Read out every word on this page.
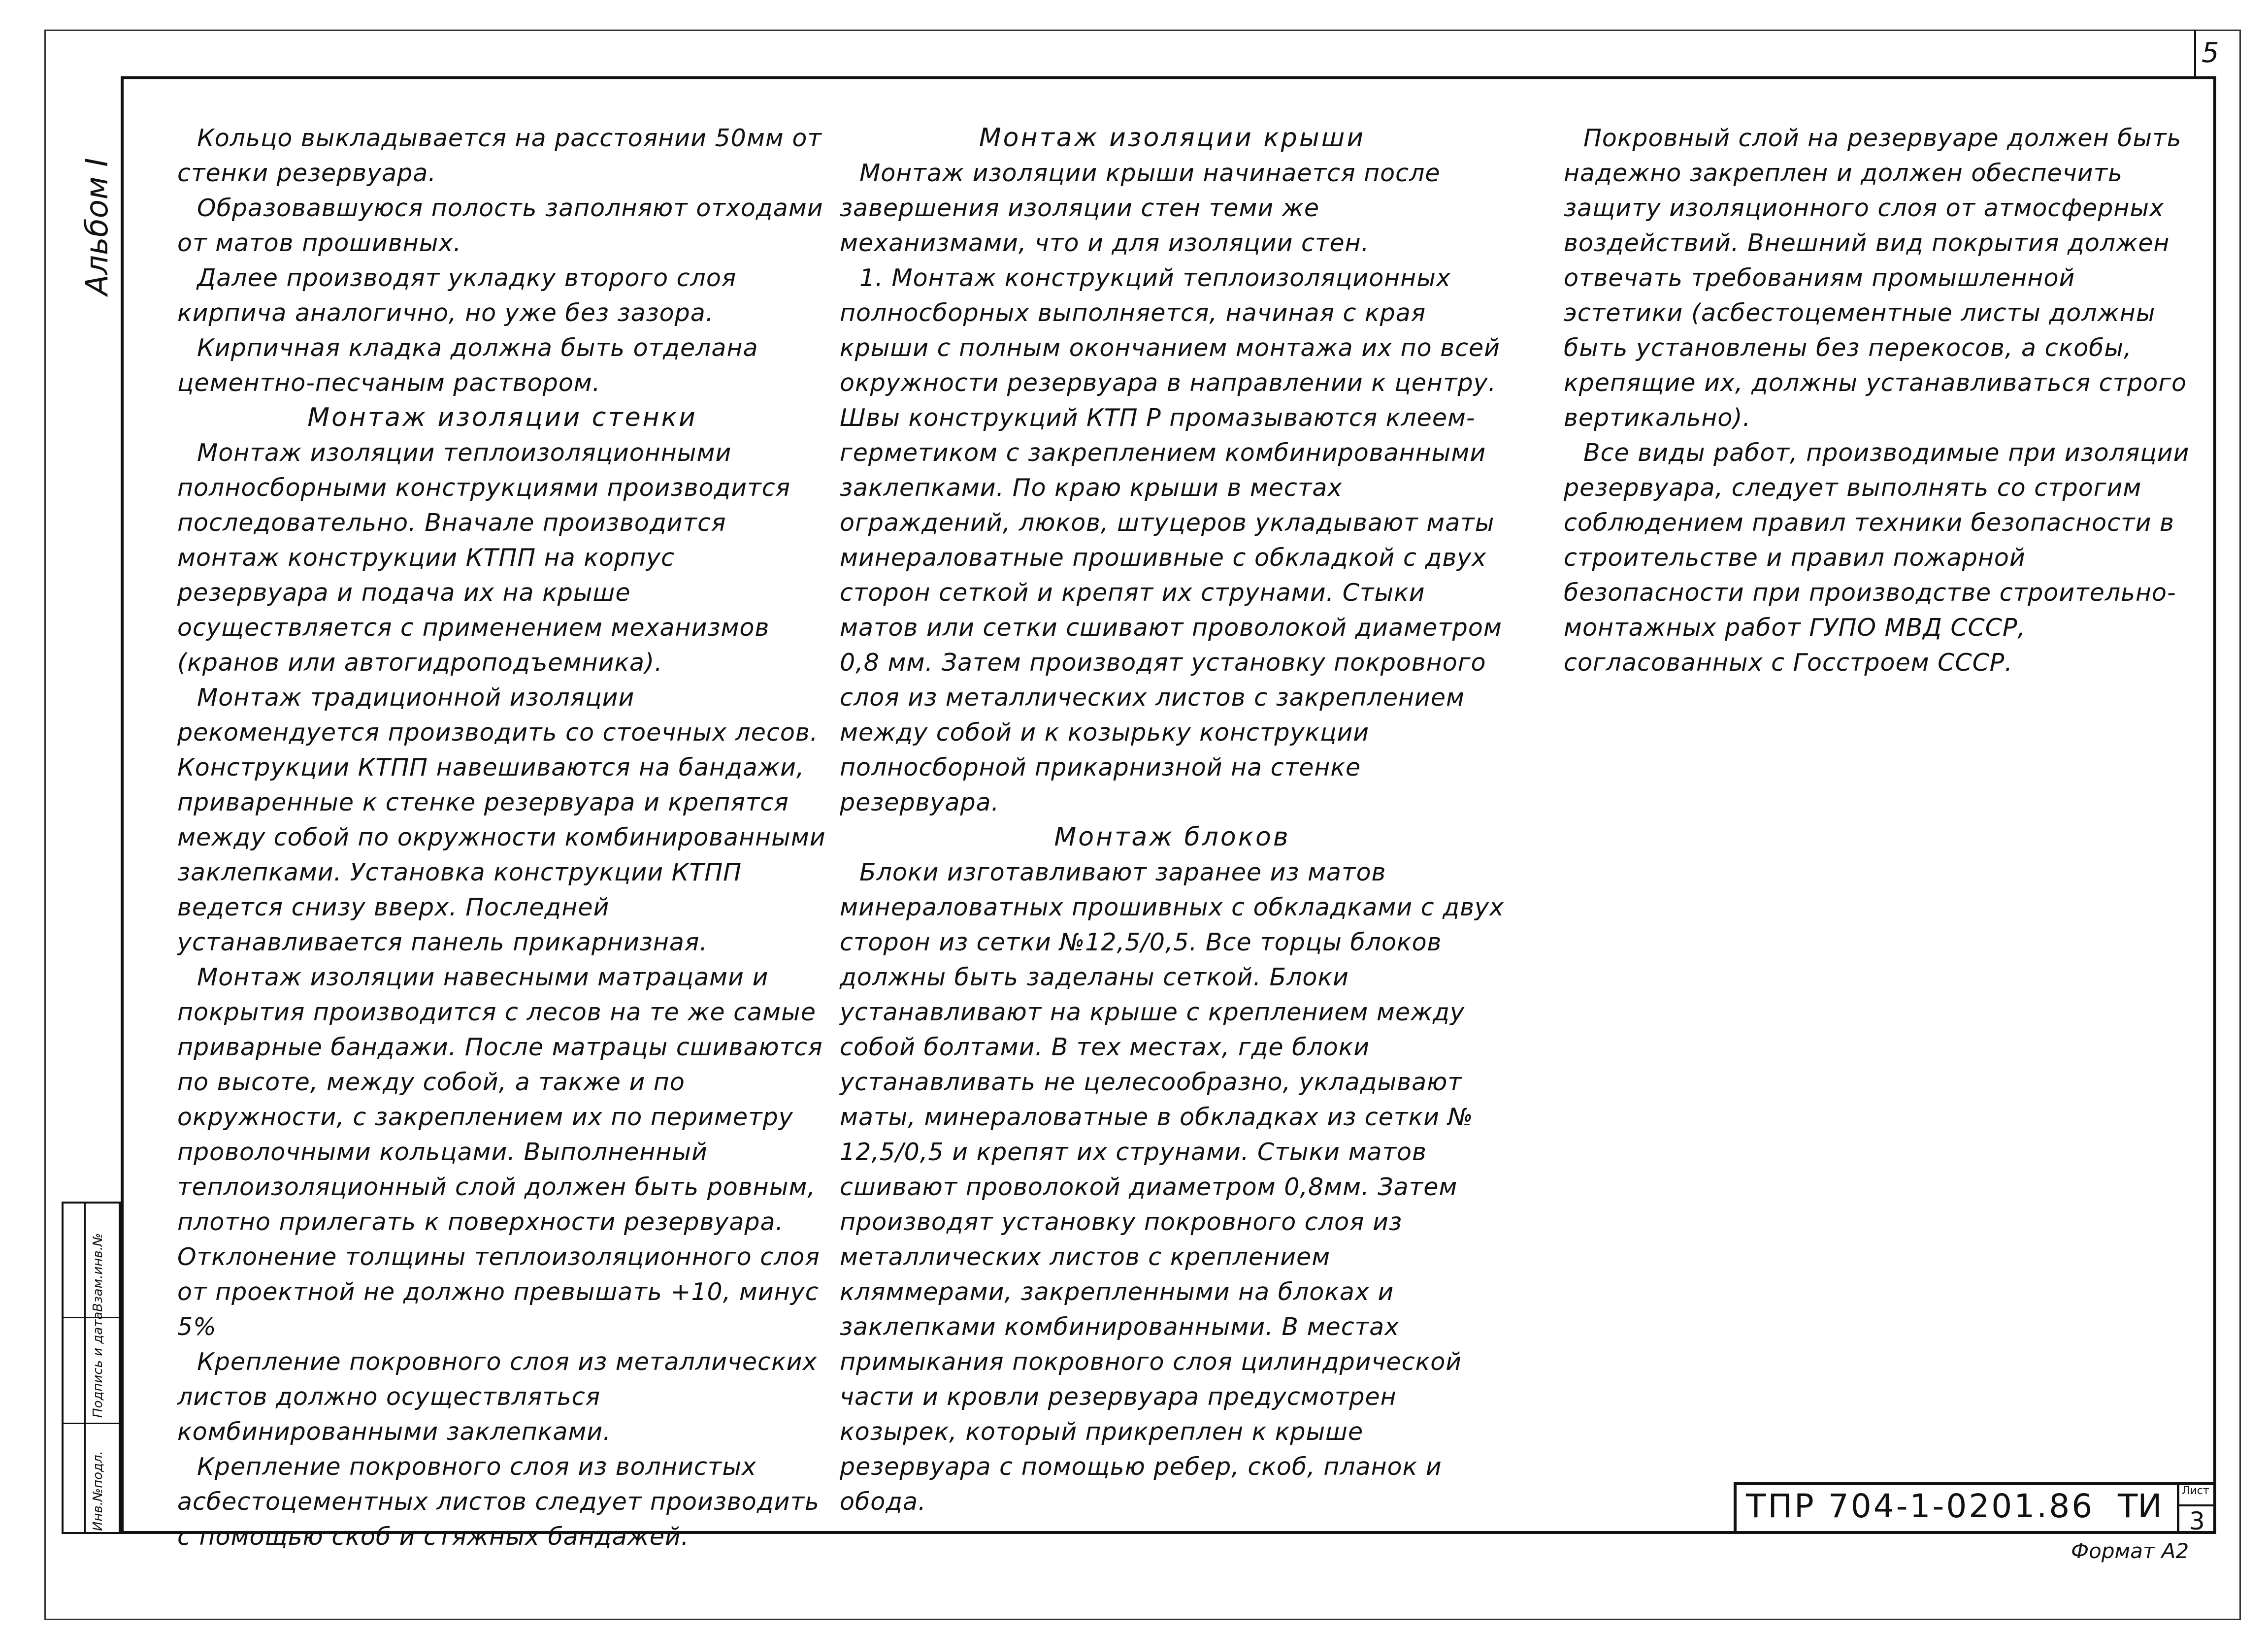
5
Альбом I
Взам.инв.№
Подпись и дата
Инв.№подл.

Кольцо выкладывается на расстоянии 50мм от стенки резервуара.

Образовавшуюся полость заполняют отходами от матов прошивных.

Далее производят укладку второго слоя кирпича аналогично, но уже без зазора.

Кирпичная кладка должна быть отделана цементно-песчаным раствором.

Монтаж изоляции стенки

Монтаж изоляции теплоизоляционными полносборными конструкциями производится последовательно. Вначале производится монтаж конструкции КТПП на корпус резервуара и подача их на крыше осуществляется с применением механизмов (кранов или автогидроподъемника).

Монтаж традиционной изоляции рекомендуется производить со стоечных лесов. Конструкции КТПП навешиваются на бандажи, приваренные к стенке резервуара и крепятся между собой по окружности комбинированными заклепками. Установка конструкции КТПП ведется снизу вверх. Последней устанавливается панель прикарнизная.

Монтаж изоляции навесными матрацами и покрытия производится с лесов на те же самые приварные бандажи. После матрацы сшиваются по высоте, между собой, а также и по окружности, с закреплением их по периметру проволочными кольцами. Выполненный теплоизоляционный слой должен быть ровным, плотно прилегать к поверхности резервуара. Отклонение толщины теплоизоляционного слоя от проектной не должно превышать +10, минус 5%

Крепление покровного слоя из металлических листов должно осуществляться комбинированными заклепками.

Крепление покровного слоя из волнистых асбестоцементных листов следует производить с помощью скоб и стяжных бандажей.

Монтаж изоляции крыши

Монтаж изоляции крыши начинается после завершения изоляции стен теми же механизмами, что и для изоляции стен.

1. Монтаж конструкций теплоизоляционных полносборных выполняется, начиная с края крыши с полным окончанием монтажа их по всей окружности резервуара в направлении к центру. Швы конструкций КТП Р промазываются клеем-герметиком с закреплением комбинированными заклепками. По краю крыши в местах ограждений, люков, штуцеров укладывают маты минераловатные прошивные с обкладкой с двух сторон сеткой и крепят их струнами. Стыки матов или сетки сшивают проволокой диаметром 0,8 мм. Затем производят установку покровного слоя из металлических листов с закреплением между собой и к козырьку конструкции полносборной прикарнизной на стенке резервуара.

Монтаж блоков

Блоки изготавливают заранее из матов минераловатных прошивных с обкладками с двух сторон из сетки №12,5/0,5. Все торцы блоков должны быть заделаны сеткой. Блоки устанавливают на крыше с креплением между собой болтами. В тех местах, где блоки устанавливать не целесообразно, укладывают маты, минераловатные в обкладках из сетки № 12,5/0,5 и крепят их струнами. Стыки матов сшивают проволокой диаметром 0,8мм. Затем производят установку покровного слоя из металлических листов с креплением кляммерами, закрепленными на блоках и заклепками комбинированными. В местах примыкания покровного слоя цилиндрической части и кровли резервуара предусмотрен козырек, который прикреплен к крыше резервуара с помощью ребер, скоб, планок и обода.

Покровный слой на резервуаре должен быть надежно закреплен и должен обеспечить защиту изоляционного слоя от атмосферных воздействий. Внешний вид покрытия должен отвечать требованиям промышленной эстетики (асбестоцементные листы должны быть установлены без перекосов, а скобы, крепящие их, должны устанавливаться строго вертикально).

Все виды работ, производимые при изоляции резервуара, следует выполнять со строгим соблюдением правил техники безопасности в строительстве и правил пожарной безопасности при производстве строительно-монтажных работ ГУПО МВД СССР, согласованных с Госстроем СССР.

ТПР 704-1-0201.86 ТИ Лист
3
Формат А2
